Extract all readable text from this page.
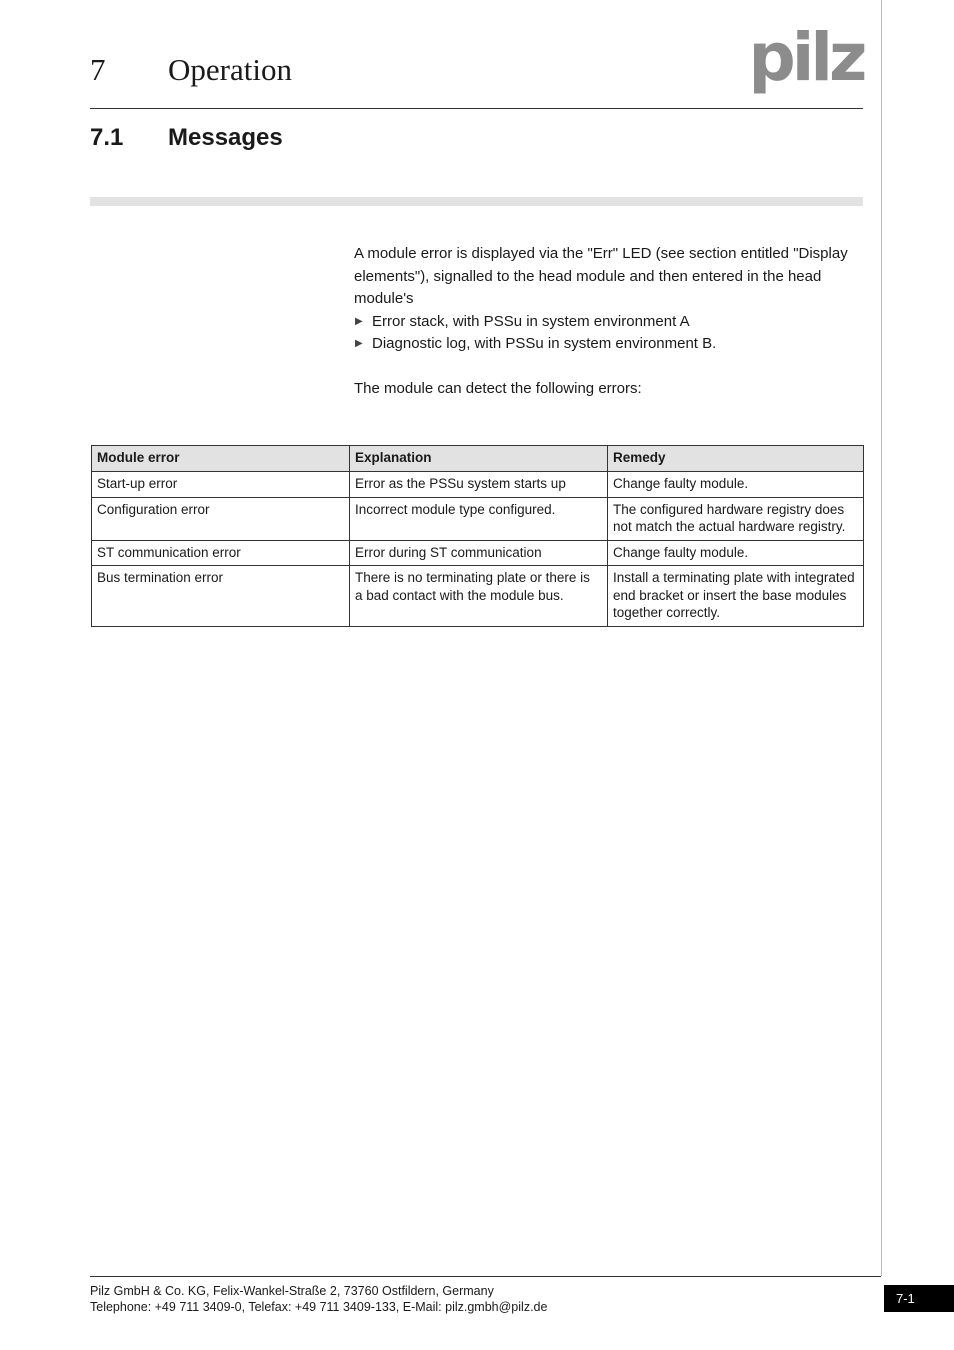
7 Operation	pilz
7.1 Messages

A module error is displayed via the "Err" LED (see section entitled "Display elements"), signalled to the head module and then entered in the head module's

▶ Error stack, with PSSu in system environment A
▶ Diagnostic log, with PSSu in system environment B.

The module can detect the following errors:

Module error	Explanation	Remedy
Start-up error	Error as the PSSu system starts up	Change faulty module.
Configuration error	Incorrect module type configured.	The configured hardware registry does not match the actual hardware registry.
ST communication error	Error during ST communication	Change faulty module.
Bus termination error	There is no terminating plate or there is a bad contact with the module bus.	Install a terminating plate with integrated end bracket or insert the base modules together correctly.
Pilz GmbH & Co. KG, Felix-Wankel-Straße 2, 73760 Ostfildern, Germany
Telephone: +49 711 3409-0, Telefax: +49 711 3409-133, E-Mail: pilz.gmbh@pilz.de
7-1
